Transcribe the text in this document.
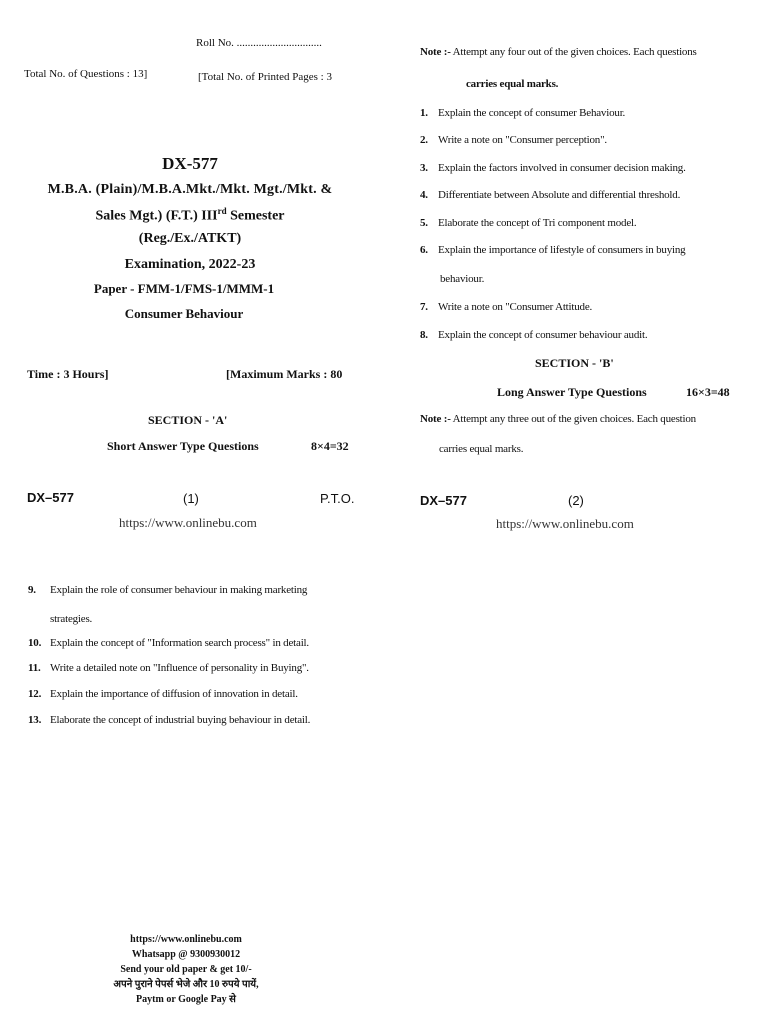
Roll No. ...............................
Total No. of Questions : 13]	[Total No. of Printed Pages : 3
DX-577
M.B.A. (Plain)/M.B.A.Mkt./Mkt. Mgt./Mkt. &
Sales Mgt.) (F.T.) IIIrd Semester
(Reg./Ex./ATKT)
Examination, 2022-23
Paper - FMM-1/FMS-1/MMM-1
Consumer Behaviour
Time : 3 Hours]	[Maximum Marks : 80
SECTION - 'A'
Short Answer Type Questions	8×4=32
DX–577	(1)	P.T.O.
https://www.onlinebu.com
Note :- Attempt any four out of the given choices. Each questions
carries equal marks.
1. Explain the concept of consumer Behaviour.
2. Write a note on "Consumer perception".
3. Explain the factors involved in consumer decision making.
4. Differentiate between Absolute and differential threshold.
5. Elaborate the concept of Tri component model.
6. Explain the importance of lifestyle of consumers in buying
behaviour.
7. Write a note on "Consumer Attitude.
8. Explain the concept of consumer behaviour audit.
SECTION - 'B'
Long Answer Type Questions	16×3=48
Note :- Attempt any three out of the given choices. Each question
carries equal marks.
DX–577	(2)
https://www.onlinebu.com
9. Explain the role of consumer behaviour in making marketing
strategies.
10. Explain the concept of "Information search process" in detail.
11. Write a detailed note on "Influence of personality in Buying".
12. Explain the importance of diffusion of innovation in detail.
13. Elaborate the concept of industrial buying behaviour in detail.
https://www.onlinebu.com
Whatsapp @ 9300930012
Send your old paper & get 10/-
अपने पुराने पेपर्स भेजे और 10 रुपये पायें,
Paytm or Google Pay से
